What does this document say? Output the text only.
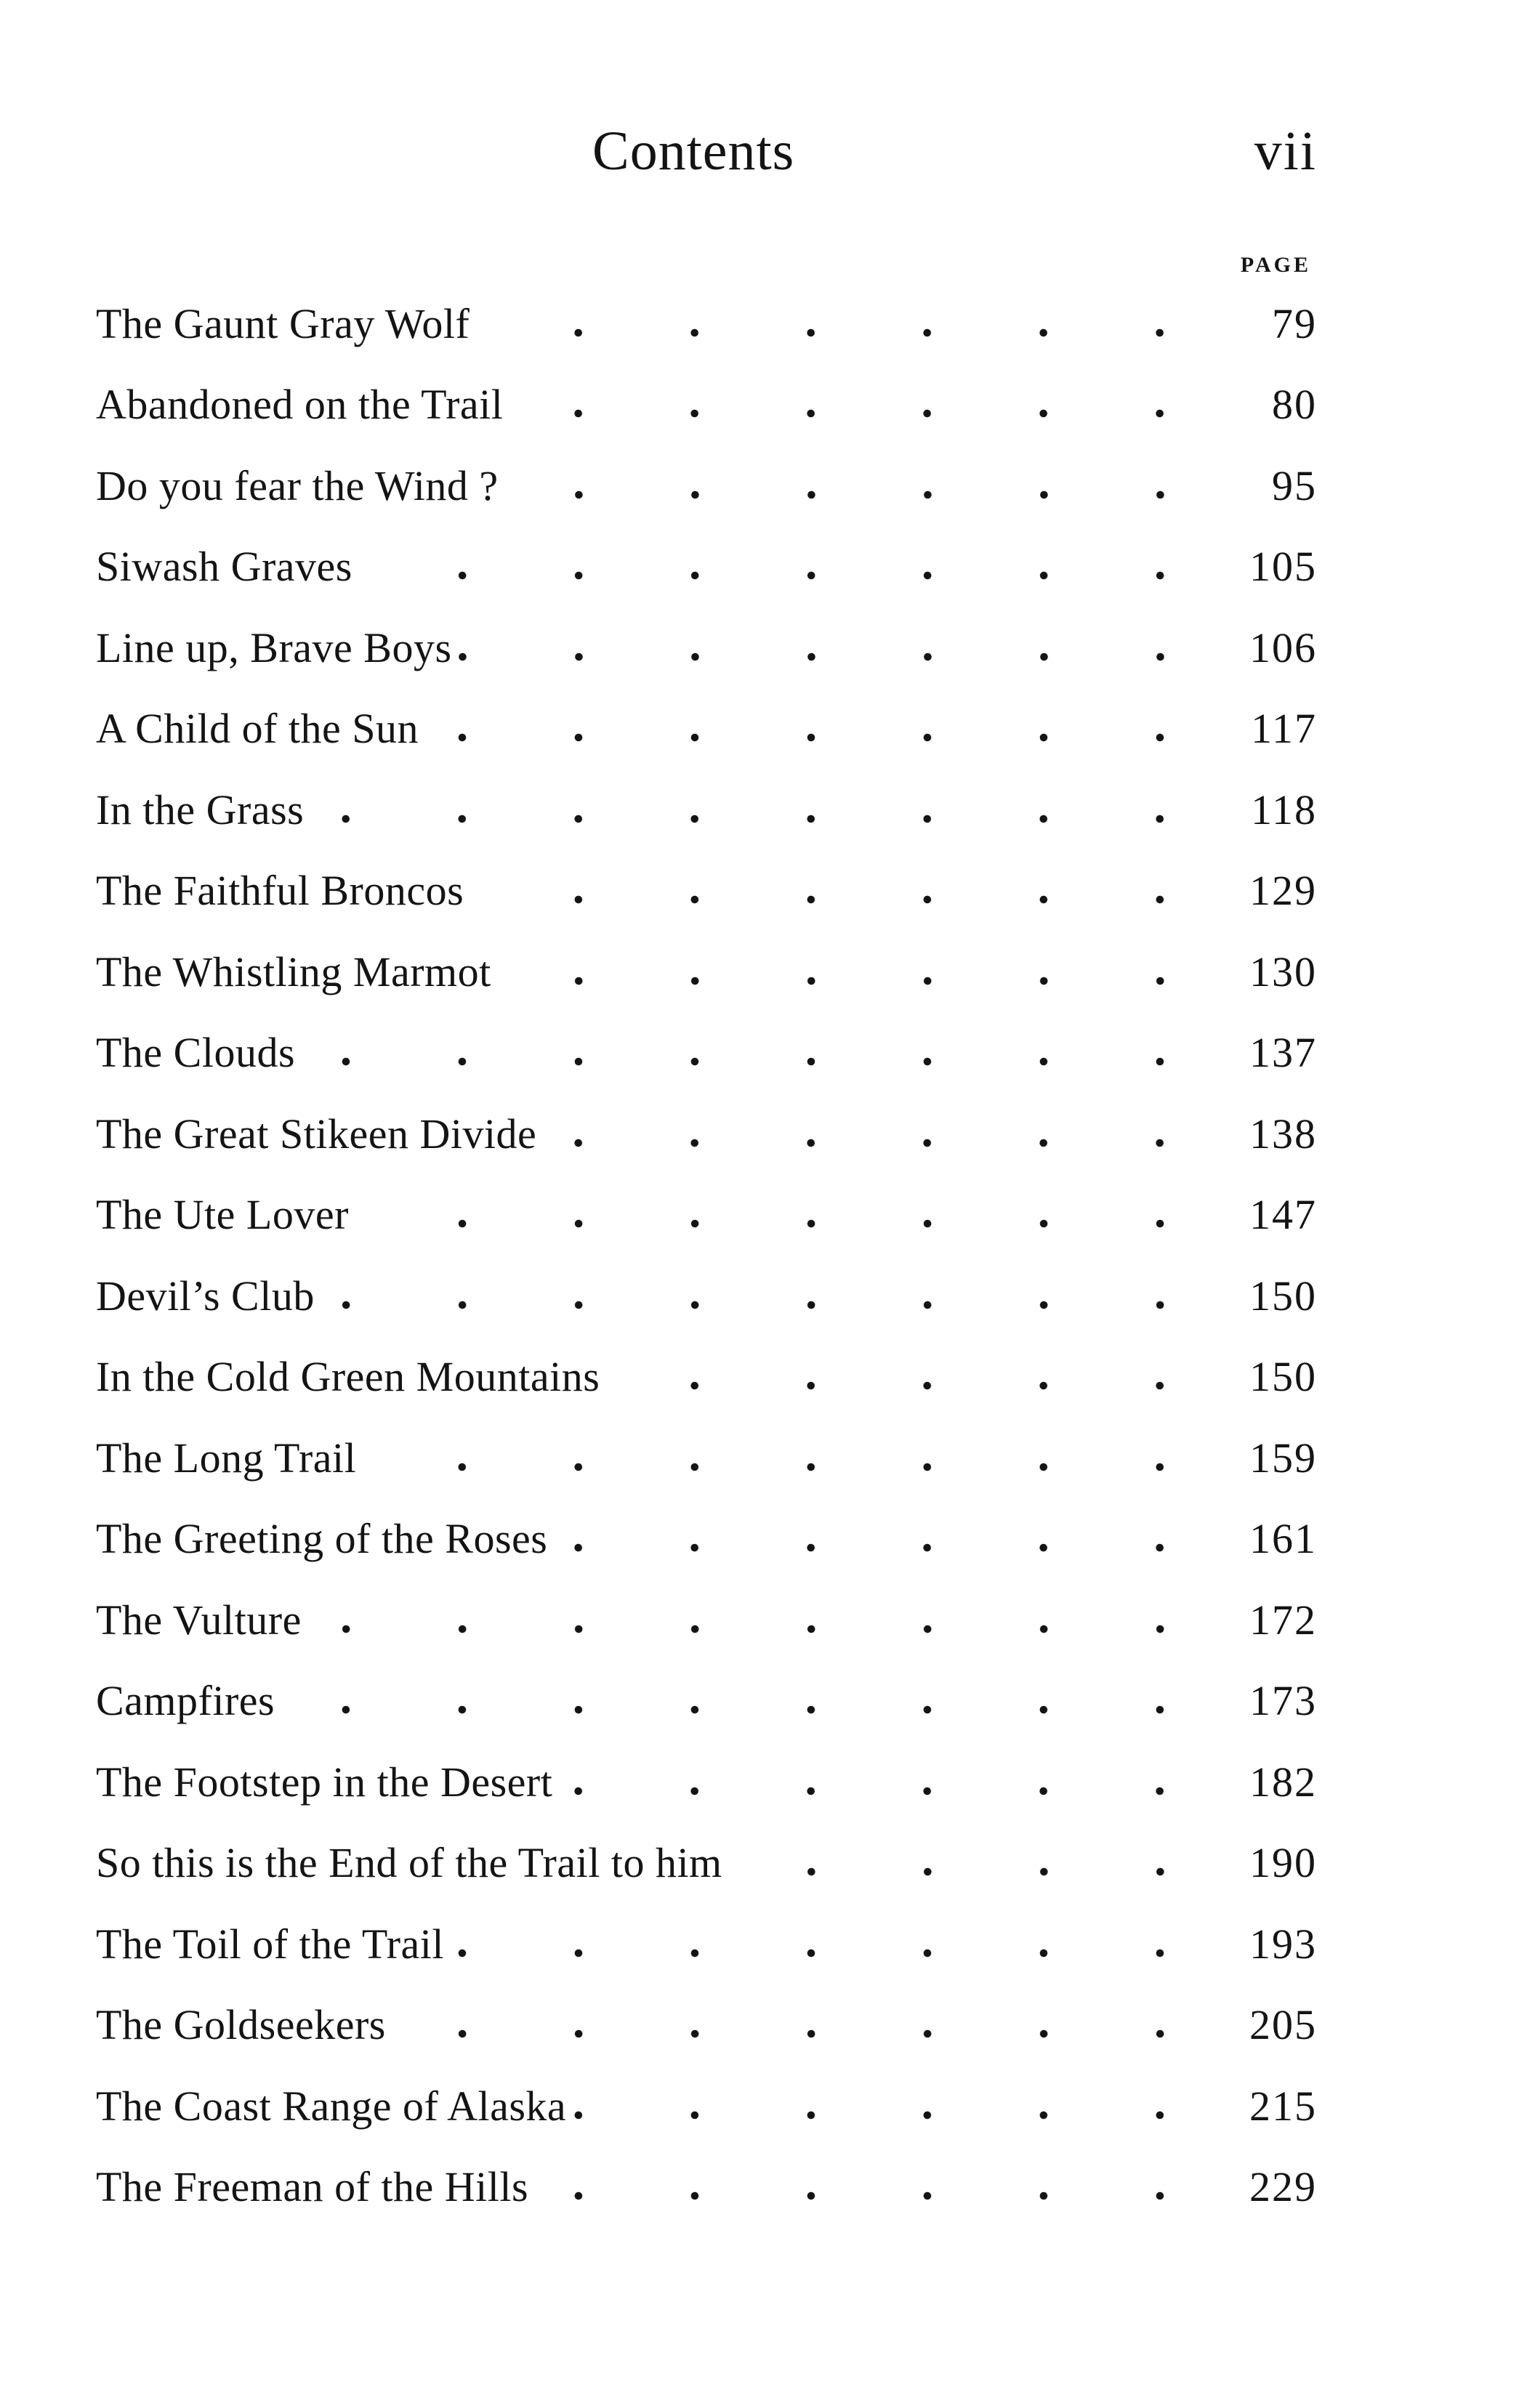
Contents	vii
PAGE
The Gaunt Gray Wolf	79
Abandoned on the Trail	80
Do you fear the Wind ?	95
Siwash Graves	105
Line up, Brave Boys	106
A Child of the Sun	117
In the Grass	118
The Faithful Broncos	129
The Whistling Marmot	130
The Clouds	137
The Great Stikeen Divide	138
The Ute Lover	147
Devil’s Club	150
In the Cold Green Mountains	150
The Long Trail	159
The Greeting of the Roses	161
The Vulture	172
Campfires	173
The Footstep in the Desert	182
So this is the End of the Trail to him	190
The Toil of the Trail	193
The Goldseekers	205
The Coast Range of Alaska	215
The Freeman of the Hills	229
